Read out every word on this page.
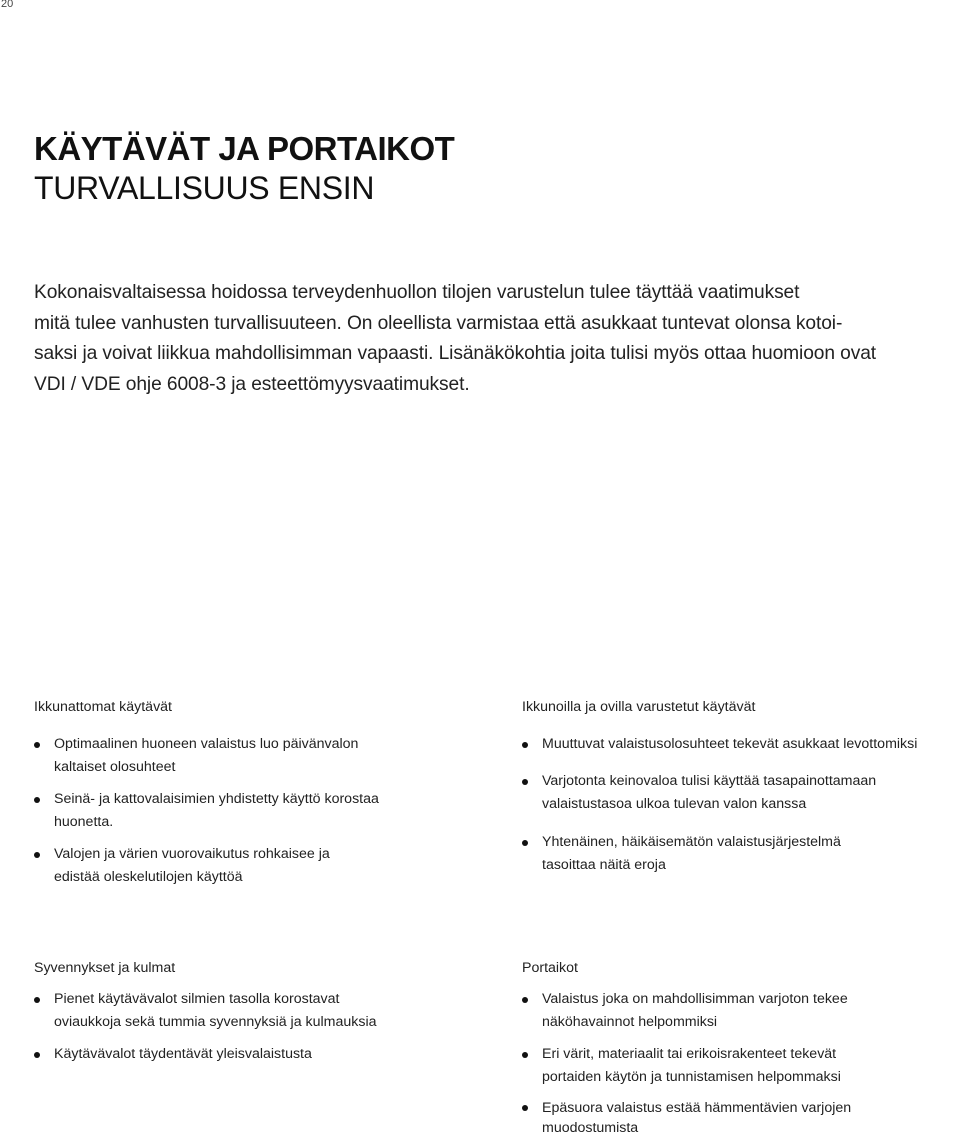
20
KÄYTÄVÄT JA PORTAIKOT
TURVALLISUUS ENSIN
Kokonaisvaltaisessa hoidossa terveydenhuollon tilojen varustelun tulee täyttää vaatimukset
mitä tulee vanhusten turvallisuuteen. On oleellista varmistaa että asukkaat tuntevat olonsa kotoi-
saksi ja voivat liikkua mahdollisimman vapaasti. Lisänäkökohtia joita tulisi myös ottaa huomioon ovat
VDI / VDE ohje 6008-3 ja esteettömyysvaatimukset.
Ikkunattomat käytävät
Optimaalinen huoneen valaistus luo päivänvalon
kaltaiset olosuhteet
Seinä- ja kattovalaisimien yhdistetty käyttö korostaa
huonetta.
Valojen ja värien vuorovaikutus rohkaisee ja
edistää oleskelutilojen käyttöä
Ikkunoilla ja ovilla varustetut käytävät
Muuttuvat valaistusolosuhteet tekevät asukkaat levottomiksi
Varjotonta keinovaloa tulisi käyttää tasapainottamaan
valaistustasoa ulkoa tulevan valon kanssa
Yhtenäinen, häikäisemätön valaistusjärjestelmä
tasoittaa näitä eroja
Syvennykset ja kulmat
Pienet käytävävalot silmien tasolla korostavat
oviaukkoja sekä tummia syvennyksiä ja kulmauksia
Käytävävalot täydentävät yleisvalaistusta
Portaikot
Valaistus joka on mahdollisimman varjoton tekee
näköhavainnot helpommiksi
Eri värit, materiaalit tai erikoisrakenteet tekevät
portaiden käytön ja tunnistamisen helpommaksi
Epäsuora valaistus estää hämmentävien varjojen
muodostumista
